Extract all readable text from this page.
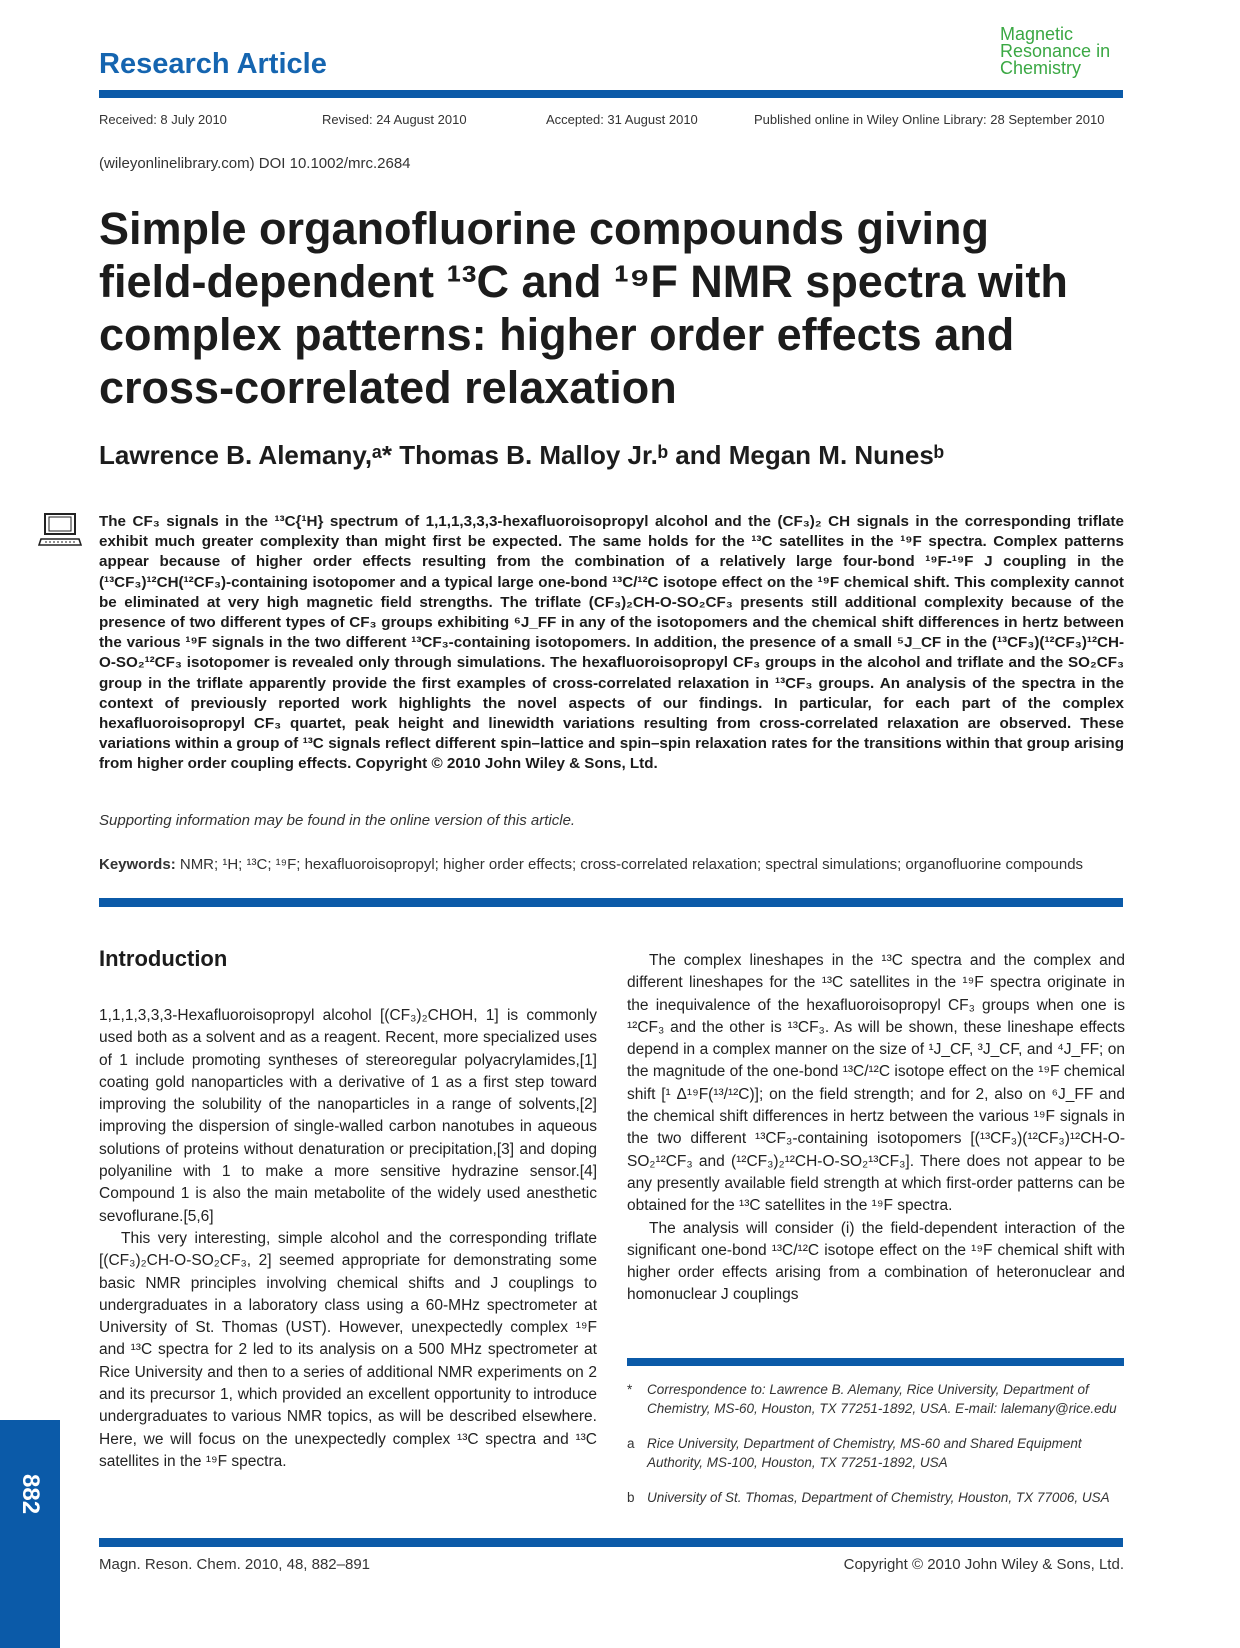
Research Article
Magnetic
Resonance in
Chemistry
Received: 8 July 2010	Revised: 24 August 2010	Accepted: 31 August 2010	Published online in Wiley Online Library: 28 September 2010
(wileyonlinelibrary.com) DOI 10.1002/mrc.2684
Simple organofluorine compounds giving field-dependent ¹³C and ¹⁹F NMR spectra with complex patterns: higher order effects and cross-correlated relaxation
Lawrence B. Alemany,ᵃ* Thomas B. Malloy Jr.ᵇ and Megan M. Nunesᵇ
The CF₃ signals in the ¹³C{¹H} spectrum of 1,1,1,3,3,3-hexafluoroisopropyl alcohol and the (CF₃)₂ CH signals in the corresponding triflate exhibit much greater complexity than might first be expected. The same holds for the ¹³C satellites in the ¹⁹F spectra. Complex patterns appear because of higher order effects resulting from the combination of a relatively large four-bond ¹⁹F-¹⁹F J coupling in the (¹³CF₃)¹²CH(¹²CF₃)-containing isotopomer and a typical large one-bond ¹³C/¹²C isotope effect on the ¹⁹F chemical shift. This complexity cannot be eliminated at very high magnetic field strengths. The triflate (CF₃)₂CH-O-SO₂CF₃ presents still additional complexity because of the presence of two different types of CF₃ groups exhibiting ⁶J_FF in any of the isotopomers and the chemical shift differences in hertz between the various ¹⁹F signals in the two different ¹³CF₃-containing isotopomers. In addition, the presence of a small ⁵J_CF in the (¹³CF₃)(¹²CF₃)¹²CH-O-SO₂¹²CF₃ isotopomer is revealed only through simulations. The hexafluoroisopropyl CF₃ groups in the alcohol and triflate and the SO₂CF₃ group in the triflate apparently provide the first examples of cross-correlated relaxation in ¹³CF₃ groups. An analysis of the spectra in the context of previously reported work highlights the novel aspects of our findings. In particular, for each part of the complex hexafluoroisopropyl CF₃ quartet, peak height and linewidth variations resulting from cross-correlated relaxation are observed. These variations within a group of ¹³C signals reflect different spin–lattice and spin–spin relaxation rates for the transitions within that group arising from higher order coupling effects. Copyright © 2010 John Wiley & Sons, Ltd.
Supporting information may be found in the online version of this article.
Keywords: NMR; ¹H; ¹³C; ¹⁹F; hexafluoroisopropyl; higher order effects; cross-correlated relaxation; spectral simulations; organofluorine compounds
Introduction

1,1,1,3,3,3-Hexafluoroisopropyl alcohol [(CF₃)₂CHOH, 1] is commonly used both as a solvent and as a reagent. Recent, more specialized uses of 1 include promoting syntheses of stereoregular polyacrylamides,[1] coating gold nanoparticles with a derivative of 1 as a first step toward improving the solubility of the nanoparticles in a range of solvents,[2] improving the dispersion of single-walled carbon nanotubes in aqueous solutions of proteins without denaturation or precipitation,[3] and doping polyaniline with 1 to make a more sensitive hydrazine sensor.[4] Compound 1 is also the main metabolite of the widely used anesthetic sevoflurane.[5,6]

This very interesting, simple alcohol and the corresponding triflate [(CF₃)₂CH-O-SO₂CF₃, 2] seemed appropriate for demonstrating some basic NMR principles involving chemical shifts and J couplings to undergraduates in a laboratory class using a 60-MHz spectrometer at University of St. Thomas (UST). However, unexpectedly complex ¹⁹F and ¹³C spectra for 2 led to its analysis on a 500 MHz spectrometer at Rice University and then to a series of additional NMR experiments on 2 and its precursor 1, which provided an excellent opportunity to introduce undergraduates to various NMR topics, as will be described elsewhere. Here, we will focus on the unexpectedly complex ¹³C spectra and ¹³C satellites in the ¹⁹F spectra.

The complex lineshapes in the ¹³C spectra and the complex and different lineshapes for the ¹³C satellites in the ¹⁹F spectra originate in the inequivalence of the hexafluoroisopropyl CF₃ groups when one is ¹²CF₃ and the other is ¹³CF₃. As will be shown, these lineshape effects depend in a complex manner on the size of ¹J_CF, ³J_CF, and ⁴J_FF; on the magnitude of the one-bond ¹³C/¹²C isotope effect on the ¹⁹F chemical shift [¹ Δ¹⁹F(¹³/¹²C)]; on the field strength; and for 2, also on ⁶J_FF and the chemical shift differences in hertz between the various ¹⁹F signals in the two different ¹³CF₃-containing isotopomers [(¹³CF₃)(¹²CF₃)¹²CH-O-SO₂¹²CF₃ and (¹²CF₃)₂¹²CH-O-SO₂¹³CF₃]. There does not appear to be any presently available field strength at which first-order patterns can be obtained for the ¹³C satellites in the ¹⁹F spectra.

The analysis will consider (i) the field-dependent interaction of the significant one-bond ¹³C/¹²C isotope effect on the ¹⁹F chemical shift with higher order effects arising from a combination of heteronuclear and homonuclear J couplings

* Correspondence to: Lawrence B. Alemany, Rice University, Department of Chemistry, MS-60, Houston, TX 77251-1892, USA. E-mail: lalemany@rice.edu
a Rice University, Department of Chemistry, MS-60 and Shared Equipment Authority, MS-100, Houston, TX 77251-1892, USA
b University of St. Thomas, Department of Chemistry, Houston, TX 77006, USA
882
Magn. Reson. Chem. 2010, 48, 882–891	Copyright © 2010 John Wiley & Sons, Ltd.
